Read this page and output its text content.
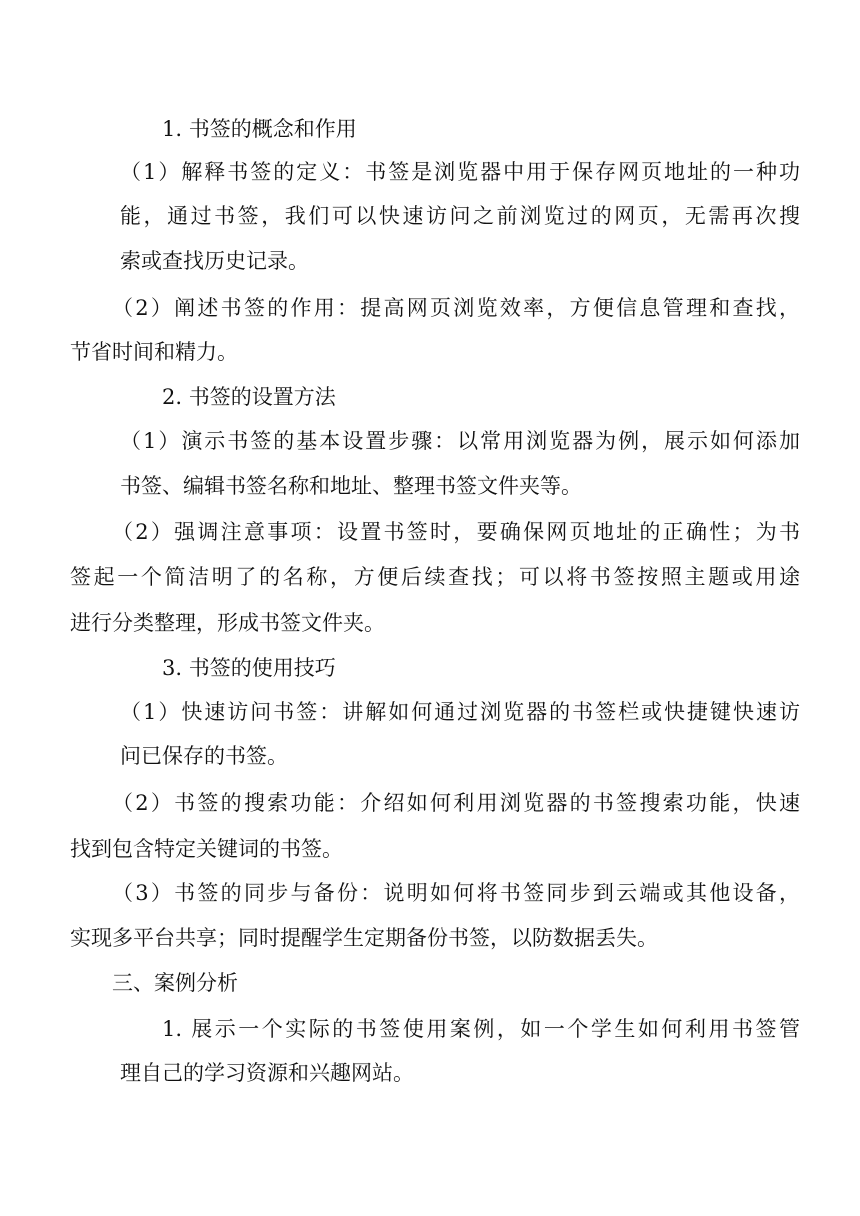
1. 书签的概念和作用
（1）解释书签的定义：书签是浏览器中用于保存网页地址的一种功
能，通过书签，我们可以快速访问之前浏览过的网页，无需再次搜
索或查找历史记录。
（2）阐述书签的作用：提高网页浏览效率，方便信息管理和查找，
节省时间和精力。
2. 书签的设置方法
（1）演示书签的基本设置步骤：以常用浏览器为例，展示如何添加
书签、编辑书签名称和地址、整理书签文件夹等。
（2）强调注意事项：设置书签时，要确保网页地址的正确性；为书
签起一个简洁明了的名称，方便后续查找；可以将书签按照主题或用途
进行分类整理，形成书签文件夹。
3. 书签的使用技巧
（1）快速访问书签：讲解如何通过浏览器的书签栏或快捷键快速访
问已保存的书签。
（2）书签的搜索功能：介绍如何利用浏览器的书签搜索功能，快速
找到包含特定关键词的书签。
（3）书签的同步与备份：说明如何将书签同步到云端或其他设备，
实现多平台共享；同时提醒学生定期备份书签，以防数据丢失。
三、案例分析
1. 展示一个实际的书签使用案例，如一个学生如何利用书签管
理自己的学习资源和兴趣网站。
